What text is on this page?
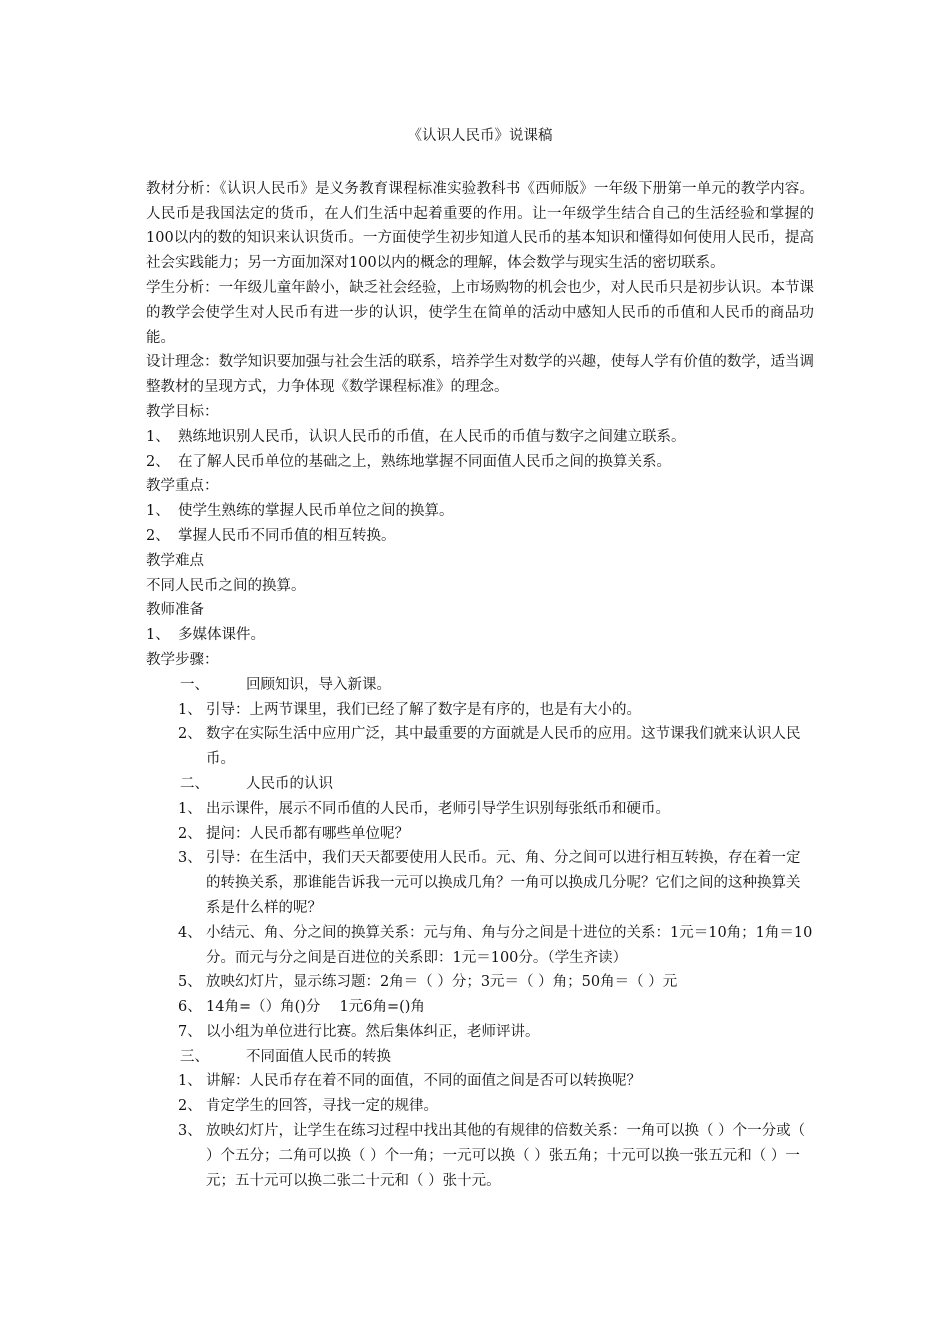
《认识人民币》说课稿

教材分析：《认识人民币》是义务教育课程标准实验教科书《西师版》一年级下册第一单元的教学内容。人民币是我国法定的货币，在人们生活中起着重要的作用。让一年级学生结合自己的生活经验和掌握的100以内的数的知识来认识货币。一方面使学生初步知道人民币的基本知识和懂得如何使用人民币，提高社会实践能力；另一方面加深对100以内的概念的理解，体会数学与现实生活的密切联系。

学生分析：一年级儿童年龄小，缺乏社会经验，上市场购物的机会也少，对人民币只是初步认识。本节课的教学会使学生对人民币有进一步的认识，使学生在简单的活动中感知人民币的币值和人民币的商品功能。

设计理念：数学知识要加强与社会生活的联系，培养学生对数学的兴趣，使每人学有价值的数学，适当调整教材的呈现方式，力争体现《数学课程标准》的理念。

教学目标：

1、 熟练地识别人民币，认识人民币的币值，在人民币的币值与数字之间建立联系。

2、 在了解人民币单位的基础之上，熟练地掌握不同面值人民币之间的换算关系。

教学重点：

1、 使学生熟练的掌握人民币单位之间的换算。

2、 掌握人民币不同币值的相互转换。

教学难点

不同人民币之间的换算。

教师准备

1、 多媒体课件。

教学步骤：

一、	回顾知识，导入新课。

1、 引导：上两节课里，我们已经了解了数字是有序的，也是有大小的。

2、 数字在实际生活中应用广泛，其中最重要的方面就是人民币的应用。这节课我们就来认识人民币。

二、	人民币的认识

1、 出示课件，展示不同币值的人民币，老师引导学生识别每张纸币和硬币。

2、 提问：人民币都有哪些单位呢？

3、 引导：在生活中，我们天天都要使用人民币。元、角、分之间可以进行相互转换，存在着一定的转换关系，那谁能告诉我一元可以换成几角？一角可以换成几分呢？它们之间的这种换算关系是什么样的呢？

4、 小结元、角、分之间的换算关系：元与角、角与分之间是十进位的关系：1元＝10角；1角＝10分。而元与分之间是百进位的关系即：1元＝100分。（学生齐读）

5、 放映幻灯片，显示练习题：2角＝（ ）分；3元＝（ ）角；50角＝（ ）元

6、 14角=（）角()分　 1元6角=()角

7、 以小组为单位进行比赛。然后集体纠正，老师评讲。

三、	不同面值人民币的转换

1、 讲解：人民币存在着不同的面值，不同的面值之间是否可以转换呢？

2、 肯定学生的回答，寻找一定的规律。

3、 放映幻灯片，让学生在练习过程中找出其他的有规律的倍数关系：一角可以换（ ）个一分或（ ）个五分；二角可以换（ ）个一角；一元可以换（ ）张五角；十元可以换一张五元和（ ）一元；五十元可以换二张二十元和（ ）张十元。
